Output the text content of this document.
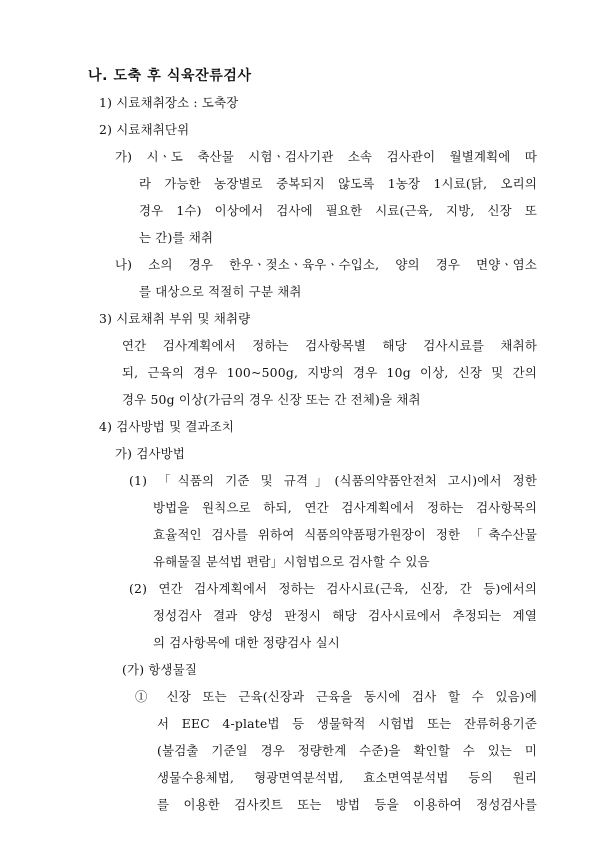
나. 도축 후 식육잔류검사
1) 시료채취장소 : 도축장
2) 시료채취단위
가) 시ㆍ도 축산물 시험ㆍ검사기관 소속 검사관이 월별계획에 따
라 가능한 농장별로 중복되지 않도록 1농장 1시료(닭, 오리의
경우 1수) 이상에서 검사에 필요한 시료(근육, 지방, 신장 또
는 간)를 채취
나) 소의 경우 한우ㆍ젖소ㆍ육우ㆍ수입소, 양의 경우 면양ㆍ염소
를 대상으로 적절히 구분 채취
3) 시료채취 부위 및 채취량
연간 검사계획에서 정하는 검사항목별 해당 검사시료를 채취하
되, 근육의 경우 100~500g, 지방의 경우 10g 이상, 신장 및 간의
경우 50g 이상(가금의 경우 신장 또는 간 전체)을 채취
4) 검사방법 및 결과조치
가) 검사방법
(1) 「식품의 기준 및 규격」(식품의약품안전처 고시)에서 정한
방법을 원칙으로 하되, 연간 검사계획에서 정하는 검사항목의
효율적인 검사를 위하여 식품의약품평가원장이 정한 「축수산물
유해물질 분석법 편람」시험법으로 검사할 수 있음
(2) 연간 검사계획에서 정하는 검사시료(근육, 신장, 간 등)에서의
정성검사 결과 양성 판정시 해당 검사시료에서 추정되는 계열
의 검사항목에 대한 정량검사 실시
(가) 항생물질
① 신장 또는 근육(신장과 근육을 동시에 검사 할 수 있음)에
서 EEC 4-plate법 등 생물학적 시험법 또는 잔류허용기준
(불검출 기준일 경우 정량한계 수준)을 확인할 수 있는 미
생물수용체법, 형광면역분석법, 효소면역분석법 등의 원리
를 이용한 검사킷트 또는 방법 등을 이용하여 정성검사를
